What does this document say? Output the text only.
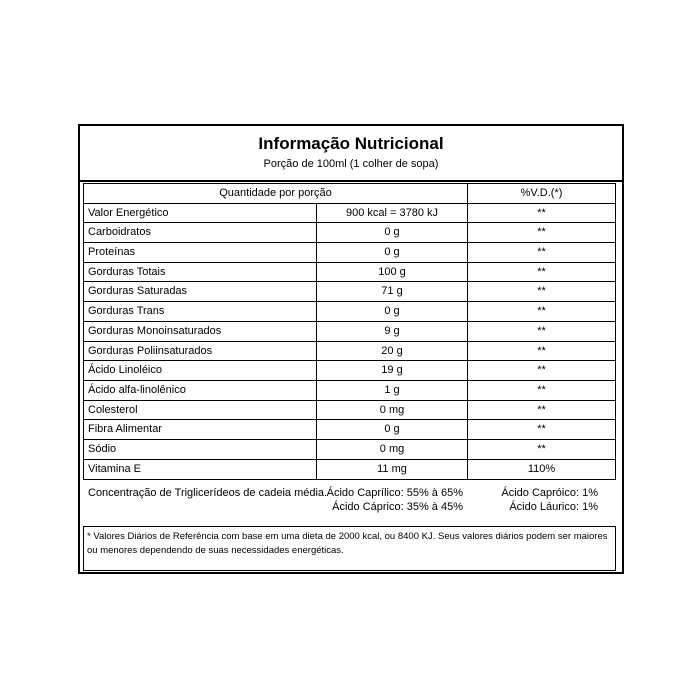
Informação Nutricional
Porção de 100ml (1 colher de sopa)
Quantidade por porção	%V.D.(*)
Valor Energético	900 kcal = 3780 kJ	**
Carboidratos	0 g	**
Proteínas	0 g	**
Gorduras Totais	100 g	**
Gorduras Saturadas	71 g	**
Gorduras Trans	0 g	**
Gorduras Monoinsaturados	9 g	**
Gorduras Poliinsaturados	20 g	**
Ácido Linoléico	19 g	**
Ácido alfa-linolênico	1 g	**
Colesterol	0 mg	**
Fibra Alimentar	0 g	**
Sódio	0 mg	**
Vitamina E	11 mg	110%
Concentração de Triglicerídeos de cadeia média. Ácido Caprílico: 55% à 65%
Ácido Cáprico: 35% à 45%
Ácido Capróico: 1%
Ácido Láurico: 1%
* Valores Diários de Referência com base em uma dieta de 2000 kcal, ou 8400 KJ. Seus valores diários podem ser maiores ou menores dependendo de suas necessidades energéticas.
